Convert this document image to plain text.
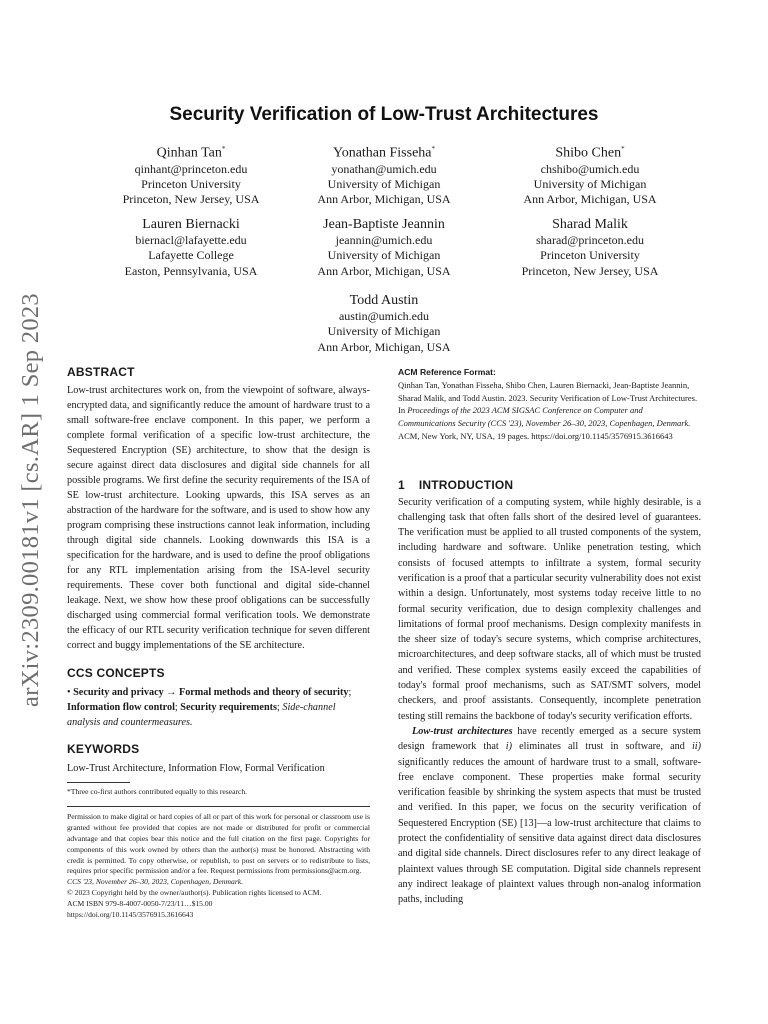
arXiv:2309.00181v1 [cs.AR] 1 Sep 2023
Security Verification of Low-Trust Architectures
Qinhan Tan*
qinhant@princeton.edu
Princeton University
Princeton, New Jersey, USA
Yonathan Fisseha*
yonathan@umich.edu
University of Michigan
Ann Arbor, Michigan, USA
Shibo Chen*
chshibo@umich.edu
University of Michigan
Ann Arbor, Michigan, USA
Lauren Biernacki
biernacl@lafayette.edu
Lafayette College
Easton, Pennsylvania, USA
Jean-Baptiste Jeannin
jeannin@umich.edu
University of Michigan
Ann Arbor, Michigan, USA
Sharad Malik
sharad@princeton.edu
Princeton University
Princeton, New Jersey, USA
Todd Austin
austin@umich.edu
University of Michigan
Ann Arbor, Michigan, USA
ABSTRACT

Low-trust architectures work on, from the viewpoint of software, always-encrypted data, and significantly reduce the amount of hardware trust to a small software-free enclave component. In this paper, we perform a complete formal verification of a specific low-trust architecture, the Sequestered Encryption (SE) architecture, to show that the design is secure against direct data disclosures and digital side channels for all possible programs. We first define the security requirements of the ISA of SE low-trust architecture. Looking upwards, this ISA serves as an abstraction of the hardware for the software, and is used to show how any program comprising these instructions cannot leak information, including through digital side channels. Looking downwards this ISA is a specification for the hardware, and is used to define the proof obligations for any RTL implementation arising from the ISA-level security requirements. These cover both functional and digital side-channel leakage. Next, we show how these proof obligations can be successfully discharged using commercial formal verification tools. We demonstrate the efficacy of our RTL security verification technique for seven different correct and buggy implementations of the SE architecture.

CCS CONCEPTS

• Security and privacy → Formal methods and theory of security; Information flow control; Security requirements; Side-channel analysis and countermeasures.

KEYWORDS

Low-Trust Architecture, Information Flow, Formal Verification

*Three co-first authors contributed equally to this research.

Permission to make digital or hard copies of all or part of this work for personal or classroom use is granted without fee provided that copies are not made or distributed for profit or commercial advantage and that copies bear this notice and the full citation on the first page. Copyrights for components of this work owned by others than the author(s) must be honored. Abstracting with credit is permitted. To copy otherwise, or republish, to post on servers or to redistribute to lists, requires prior specific permission and/or a fee. Request permissions from permissions@acm.org.

CCS '23, November 26–30, 2023, Copenhagen, Denmark.

© 2023 Copyright held by the owner/author(s). Publication rights licensed to ACM.

ACM ISBN 979-8-4007-0050-7/23/11…$15.00

https://doi.org/10.1145/3576915.3616643

ACM Reference Format:

Qinhan Tan, Yonathan Fisseha, Shibo Chen, Lauren Biernacki, Jean-Baptiste Jeannin, Sharad Malik, and Todd Austin. 2023. Security Verification of Low-Trust Architectures. In Proceedings of the 2023 ACM SIGSAC Conference on Computer and Communications Security (CCS '23), November 26–30, 2023, Copenhagen, Denmark. ACM, New York, NY, USA, 19 pages. https://doi.org/10.1145/3576915.3616643

1 INTRODUCTION

Security verification of a computing system, while highly desirable, is a challenging task that often falls short of the desired level of guarantees. The verification must be applied to all trusted components of the system, including hardware and software. Unlike penetration testing, which consists of focused attempts to infiltrate a system, formal security verification is a proof that a particular security vulnerability does not exist within a design. Unfortunately, most systems today receive little to no formal security verification, due to design complexity challenges and limitations of formal proof mechanisms. Design complexity manifests in the sheer size of today's secure systems, which comprise architectures, microarchitectures, and deep software stacks, all of which must be trusted and verified. These complex systems easily exceed the capabilities of today's formal proof mechanisms, such as SAT/SMT solvers, model checkers, and proof assistants. Consequently, incomplete penetration testing still remains the backbone of today's security verification efforts.

Low-trust architectures have recently emerged as a secure system design framework that i) eliminates all trust in software, and ii) significantly reduces the amount of hardware trust to a small, software-free enclave component. These properties make formal security verification feasible by shrinking the system aspects that must be trusted and verified. In this paper, we focus on the security verification of Sequestered Encryption (SE) [13]—a low-trust architecture that claims to protect the confidentiality of sensitive data against direct data disclosures and digital side channels. Direct disclosures refer to any direct leakage of plaintext values through SE computation. Digital side channels represent any indirect leakage of plaintext values through non-analog information paths, including
